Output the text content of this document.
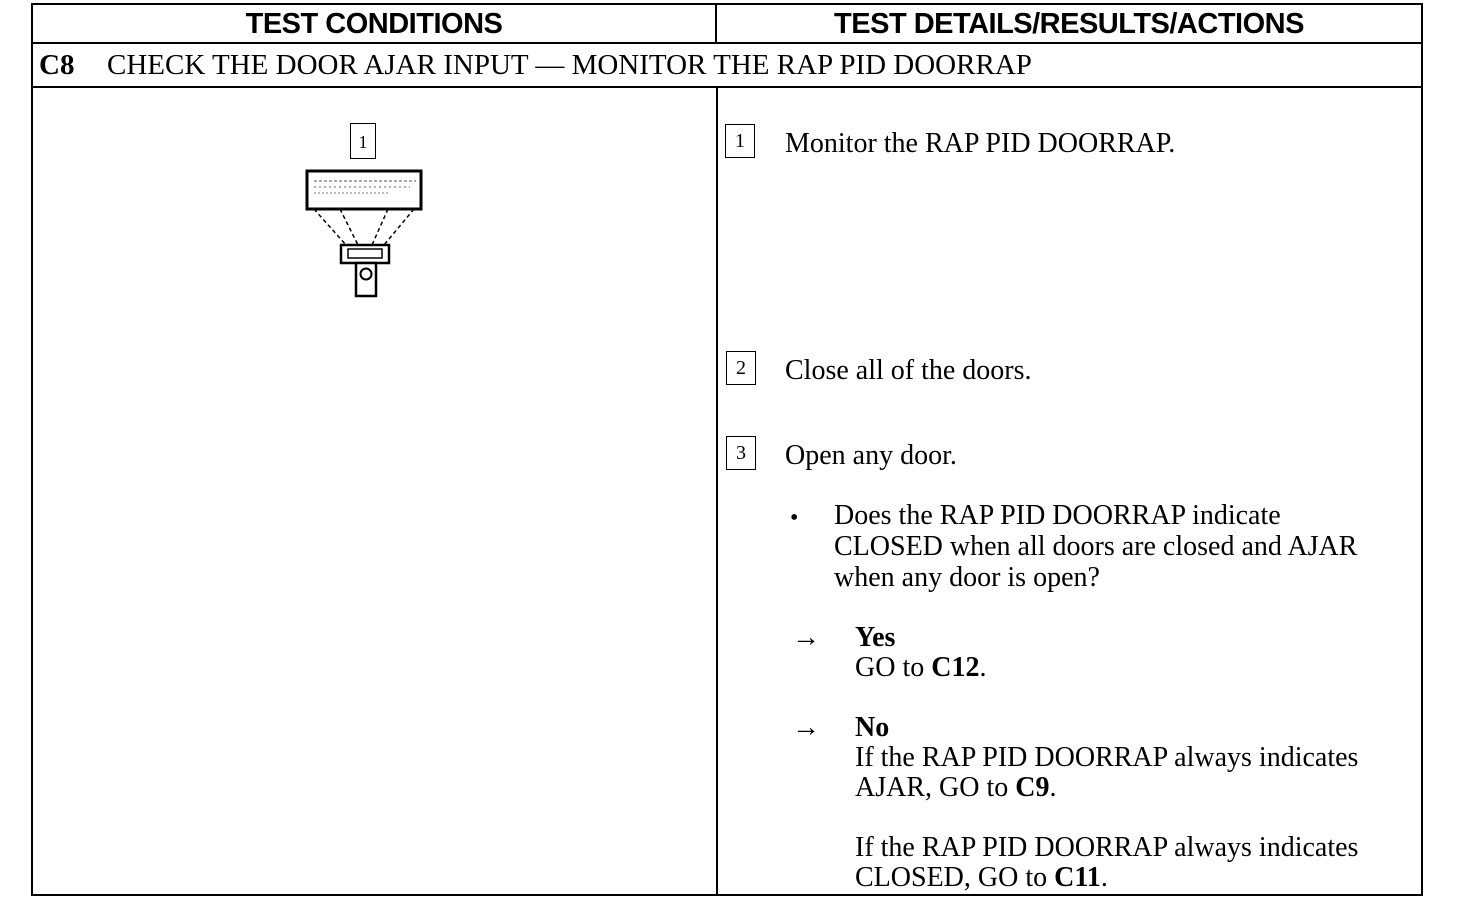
TEST CONDITIONS	TEST DETAILS/RESULTS/ACTIONS
C8 CHECK THE DOOR AJAR INPUT — MONITOR THE RAP PID DOORRAP
1	1	Monitor the RAP PID DOORRAP.
2	Close all of the doors.
3	Open any door.
• Does the RAP PID DOORRAP indicate
CLOSED when all doors are closed and AJAR
when any door is open?
→ Yes
GO to C12.
→ No
If the RAP PID DOORRAP always indicates
AJAR, GO to C9.
If the RAP PID DOORRAP always indicates
CLOSED, GO to C11.
